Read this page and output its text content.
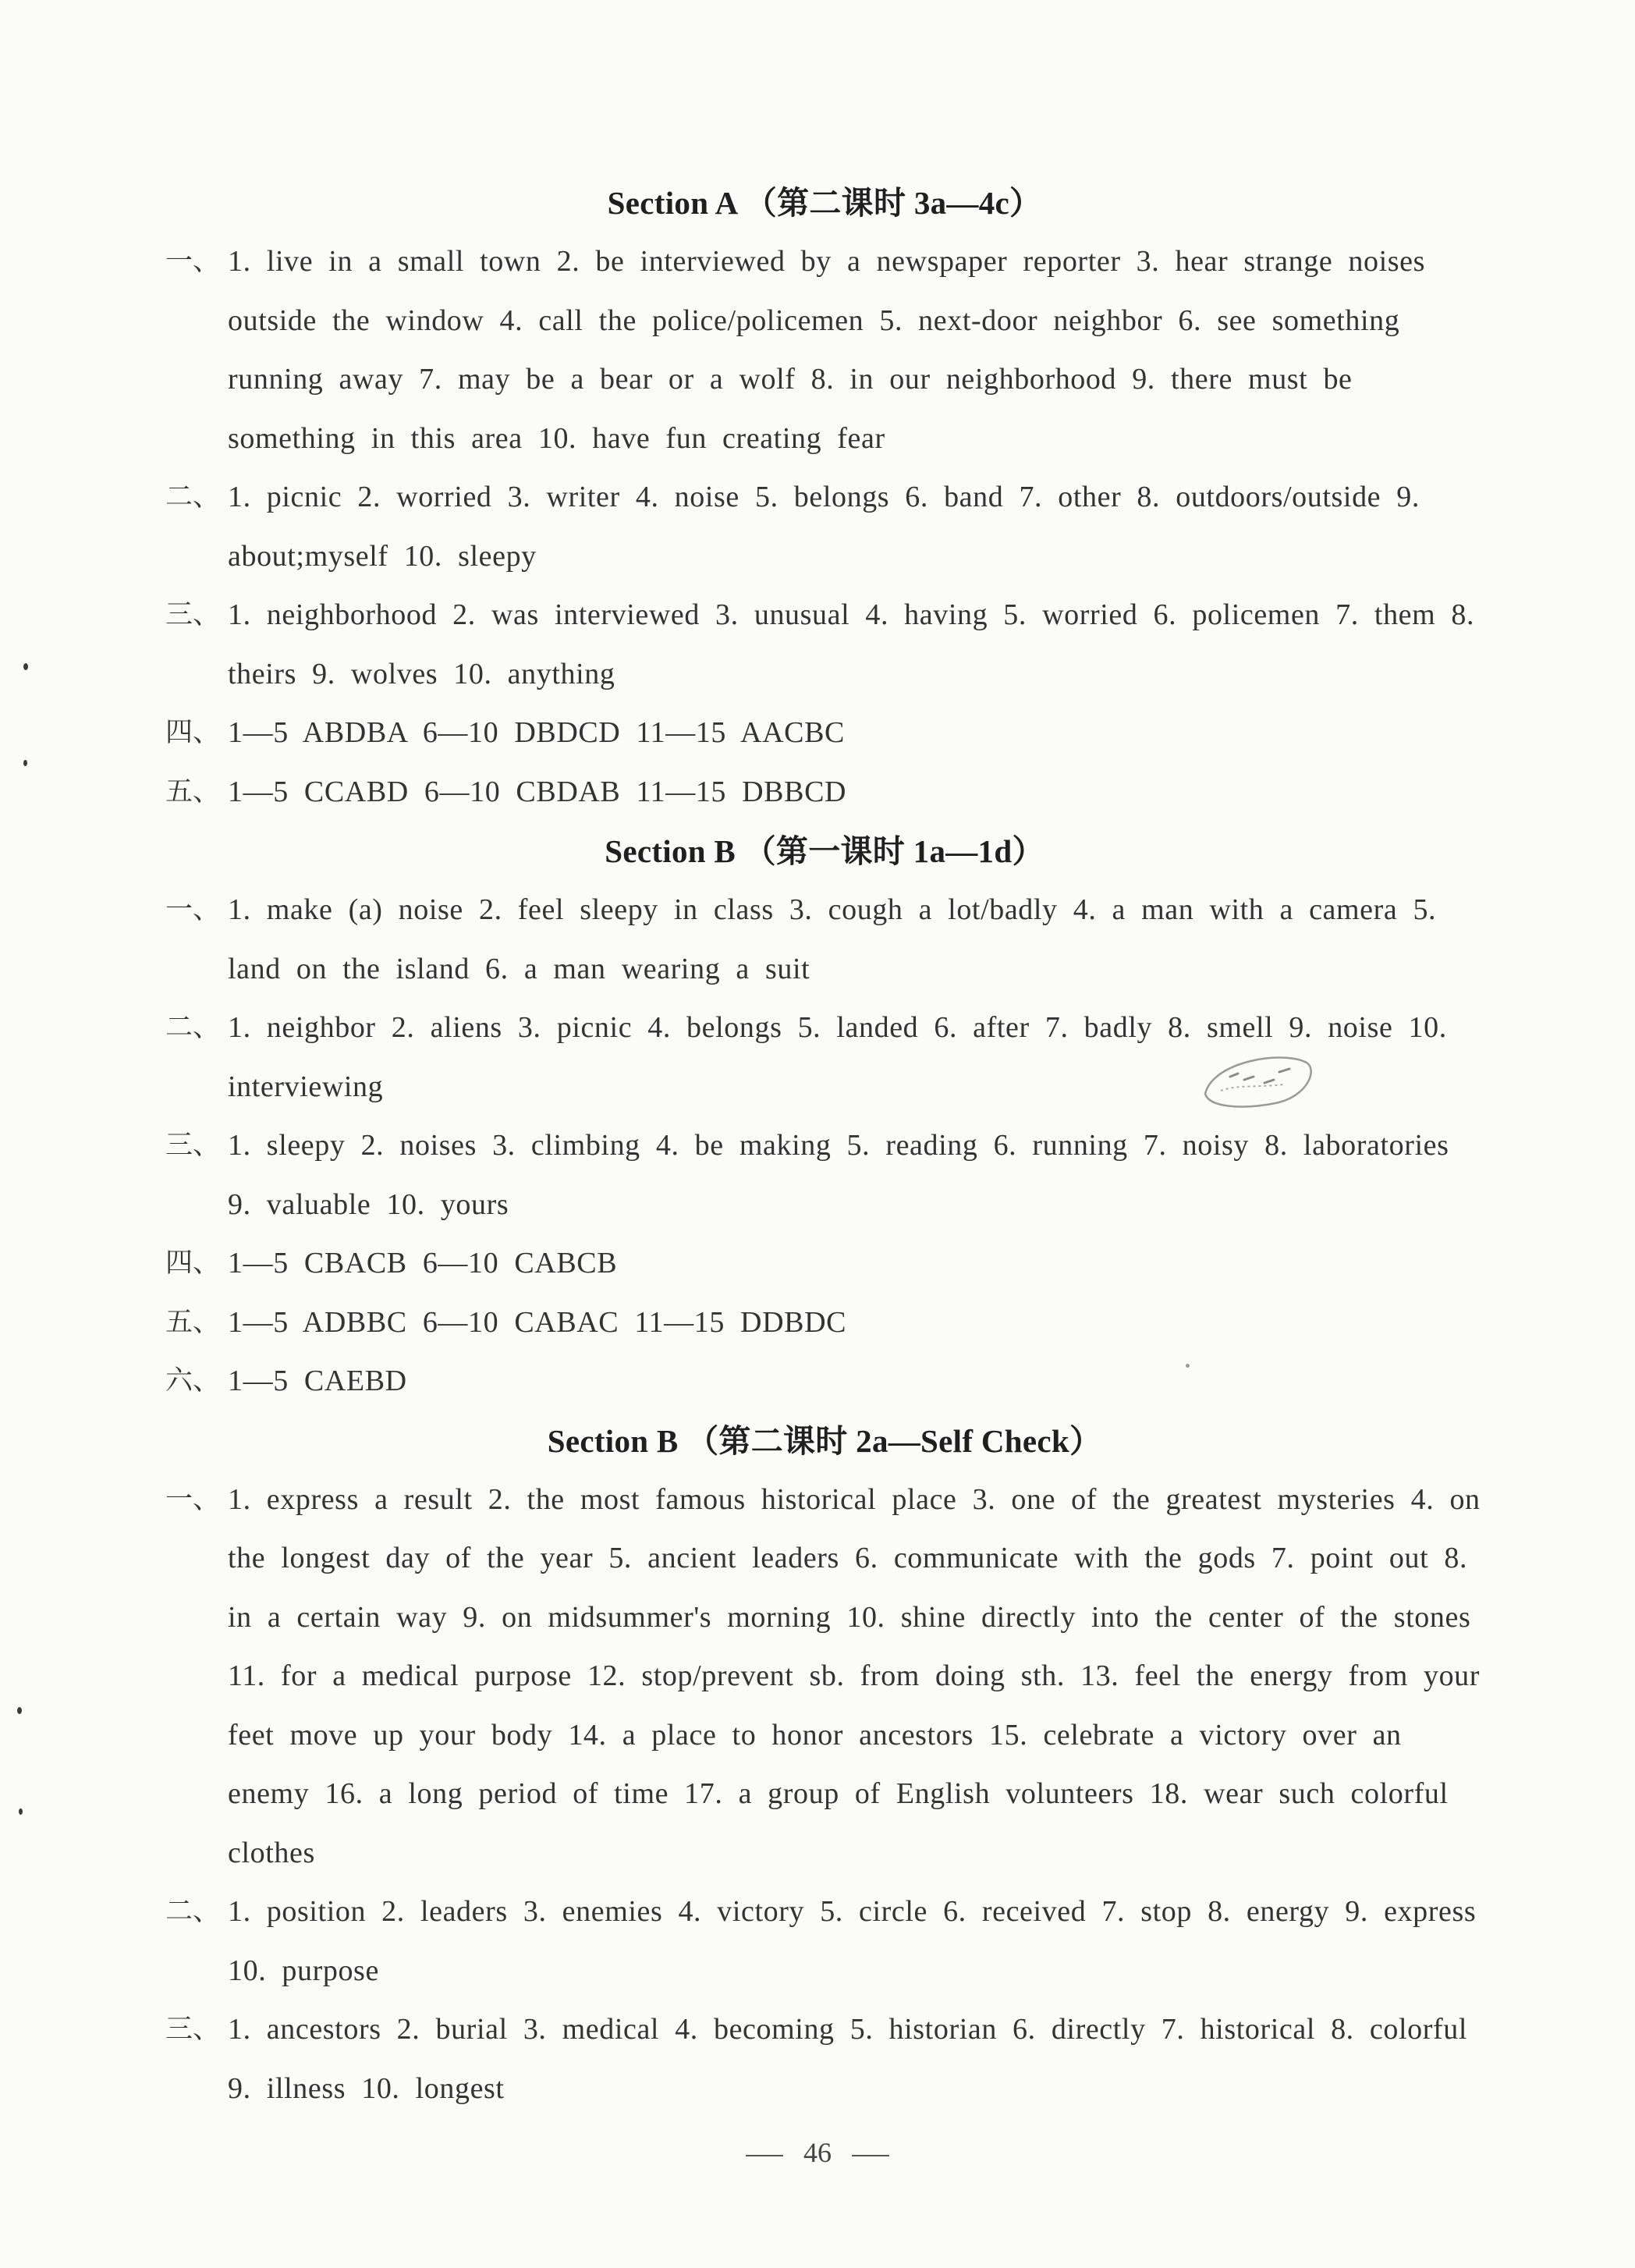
Section A （第二课时 3a—4c）
一、 1. live in a small town 2. be interviewed by a newspaper reporter 3. hear strange noises outside the window 4. call the police/policemen 5. next-door neighbor 6. see something running away 7. may be a bear or a wolf 8. in our neighborhood 9. there must be something in this area 10. have fun creating fear
二、 1. picnic 2. worried 3. writer 4. noise 5. belongs 6. band 7. other 8. outdoors/outside 9. about;myself 10. sleepy
三、 1. neighborhood 2. was interviewed 3. unusual 4. having 5. worried 6. policemen 7. them 8. theirs 9. wolves 10. anything
四、 1—5 ABDBA 6—10 DBDCD 11—15 AACBC
五、 1—5 CCABD 6—10 CBDAB 11—15 DBBCD
Section B （第一课时 1a—1d）
一、 1. make (a) noise 2. feel sleepy in class 3. cough a lot/badly 4. a man with a camera 5. land on the island 6. a man wearing a suit
二、 1. neighbor 2. aliens 3. picnic 4. belongs 5. landed 6. after 7. badly 8. smell 9. noise 10. interviewing
三、 1. sleepy 2. noises 3. climbing 4. be making 5. reading 6. running 7. noisy 8. laboratories 9. valuable 10. yours
四、 1—5 CBACB 6—10 CABCB
五、 1—5 ADBBC 6—10 CABAC 11—15 DDBDC
六、 1—5 CAEBD
Section B （第二课时 2a—Self Check）
一、 1. express a result 2. the most famous historical place 3. one of the greatest mysteries 4. on the longest day of the year 5. ancient leaders 6. communicate with the gods 7. point out 8. in a certain way 9. on midsummer's morning 10. shine directly into the center of the stones 11. for a medical purpose 12. stop/prevent sb. from doing sth. 13. feel the energy from your feet move up your body 14. a place to honor ancestors 15. celebrate a victory over an enemy 16. a long period of time 17. a group of English volunteers 18. wear such colorful clothes
二、 1. position 2. leaders 3. enemies 4. victory 5. circle 6. received 7. stop 8. energy 9. express 10. purpose
三、 1. ancestors 2. burial 3. medical 4. becoming 5. historian 6. directly 7. historical 8. colorful 9. illness 10. longest
46
